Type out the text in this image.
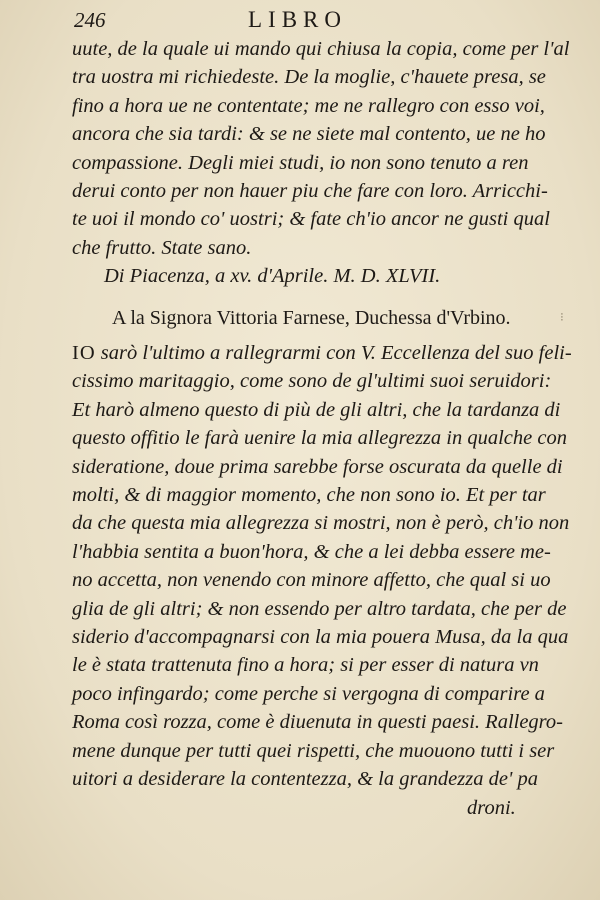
246	LIBRO
uute, de la quale ui mando qui chiusa la copia, come per l'al
tra uostra mi richiedeste. De la moglie, c'hauete presa, se
fino a hora ue ne contentate; me ne rallegro con esso voi,
ancora che sia tardi: & se ne siete mal contento, ue ne ho
compassione. Degli miei studi, io non sono tenuto a ren
derui conto per non hauer piu che fare con loro. Arricchi-
te uoi il mondo co' uostri; & fate ch'io ancor ne gusti qual
che frutto. State sano.
Di Piacenza, a xv. d'Aprile. M. D. XLVII.
A la Signora Vittoria Farnese, Duchessa d'Vrbino.	⁝
IO sarò l'ultimo a rallegrarmi con V. Eccellenza del suo feli-
cissimo maritaggio, come sono de gl'ultimi suoi seruidori:
Et harò almeno questo di più de gli altri, che la tardanza di
questo offitio le farà uenire la mia allegrezza in qualche con
sideratione, doue prima sarebbe forse oscurata da quelle di
molti, & di maggior momento, che non sono io. Et per tar
da che questa mia allegrezza si mostri, non è però, ch'io non
l'habbia sentita a buon'hora, & che a lei debba essere me-
no accetta, non venendo con minore affetto, che qual si uo
glia de gli altri; & non essendo per altro tardata, che per de
siderio d'accompagnarsi con la mia pouera Musa, da la qua
le è stata trattenuta fino a hora; si per esser di natura vn
poco infingardo; come perche si vergogna di comparire a
Roma così rozza, come è diuenuta in questi paesi. Rallegro-
mene dunque per tutti quei rispetti, che muouono tutti i ser
uitori a desiderare la contentezza, & la grandezza de' pa
droni.
